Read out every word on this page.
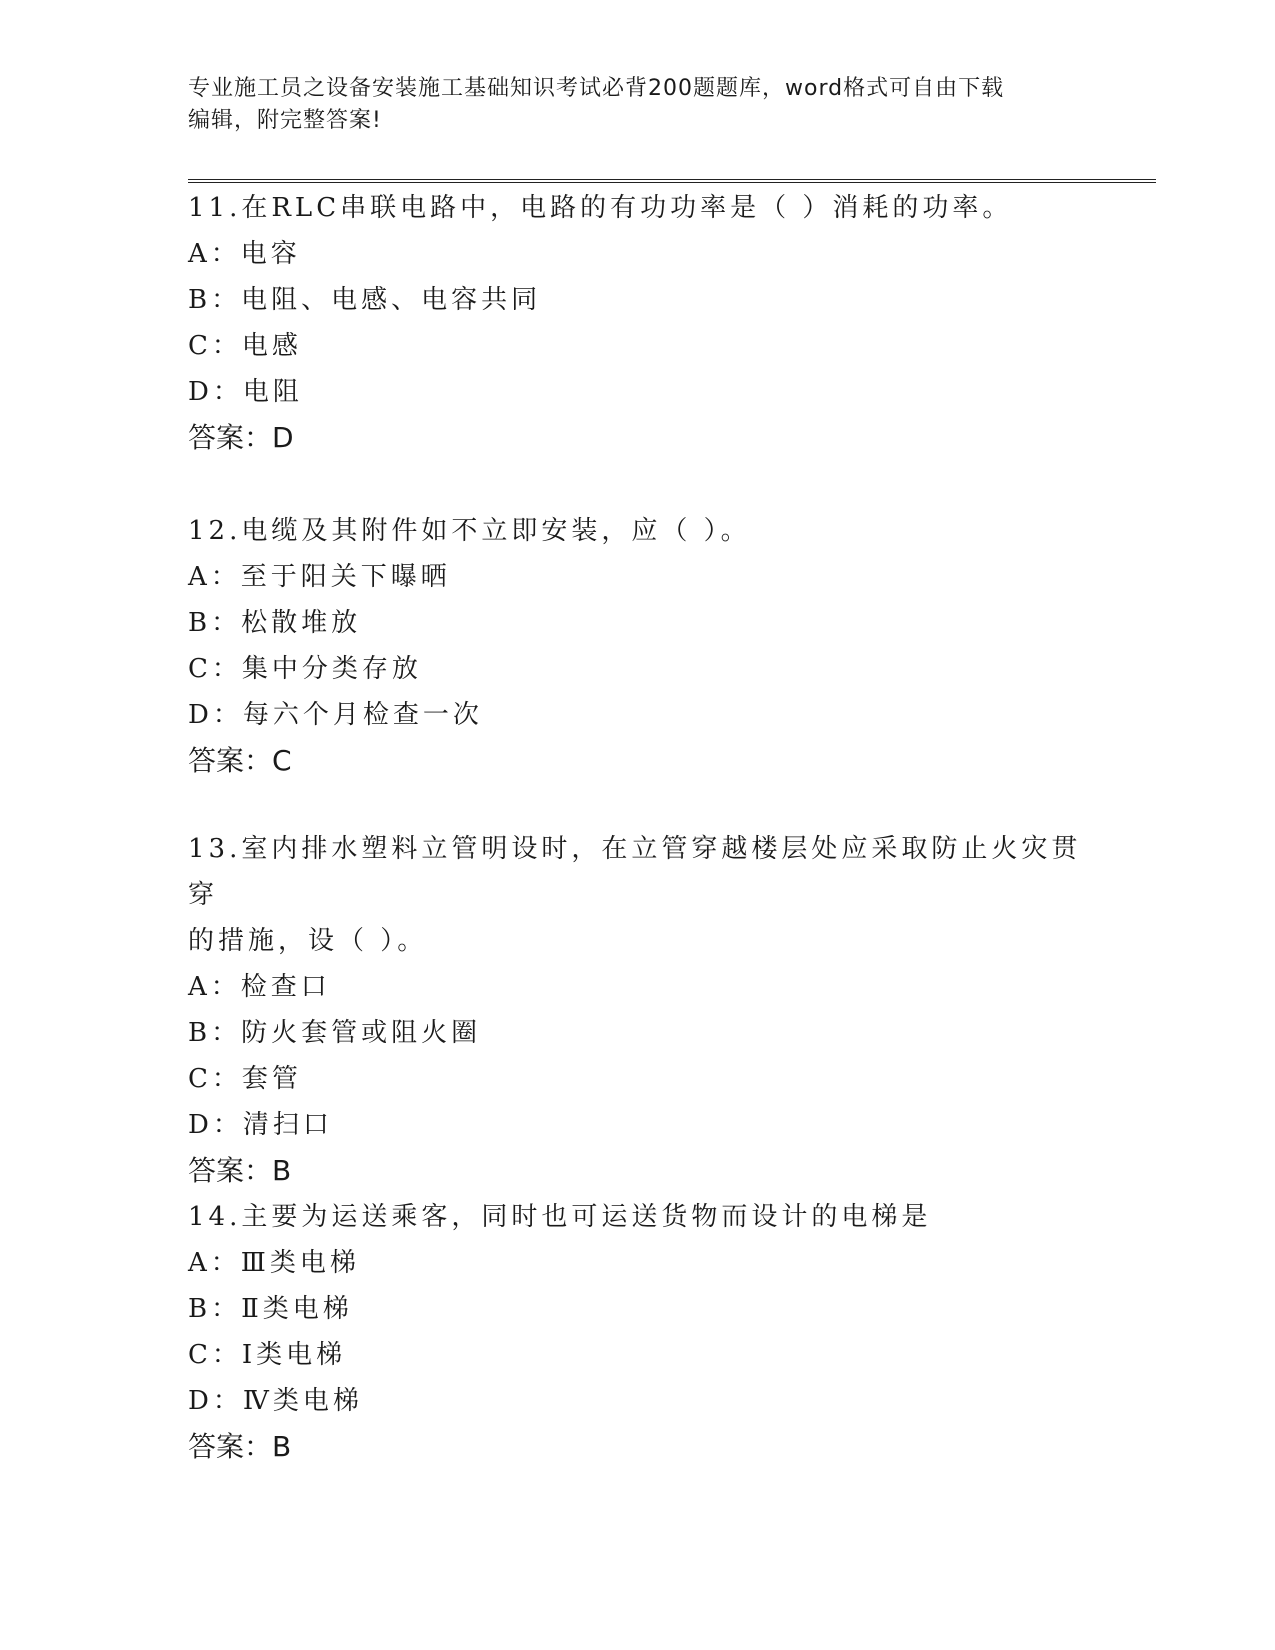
专业施工员之设备安装施工基础知识考试必背200题题库，word格式可自由下载
编辑，附完整答案!

11.在RLC串联电路中，电路的有功功率是（ ）消耗的功率。

A：电容

B：电阻、电感、电容共同

C：电感

D：电阻

答案：D

12.电缆及其附件如不立即安装，应（ ）。

A：至于阳关下曝晒

B：松散堆放

C：集中分类存放

D：每六个月检查一次

答案：C

13.室内排水塑料立管明设时，在立管穿越楼层处应采取防止火灾贯穿

的措施，设（ ）。

A：检查口

B：防火套管或阻火圈

C：套管

D：清扫口

答案：B

14.主要为运送乘客，同时也可运送货物而设计的电梯是

A：Ⅲ类电梯

B：Ⅱ类电梯

C：Ⅰ类电梯

D：Ⅳ类电梯

答案：B
